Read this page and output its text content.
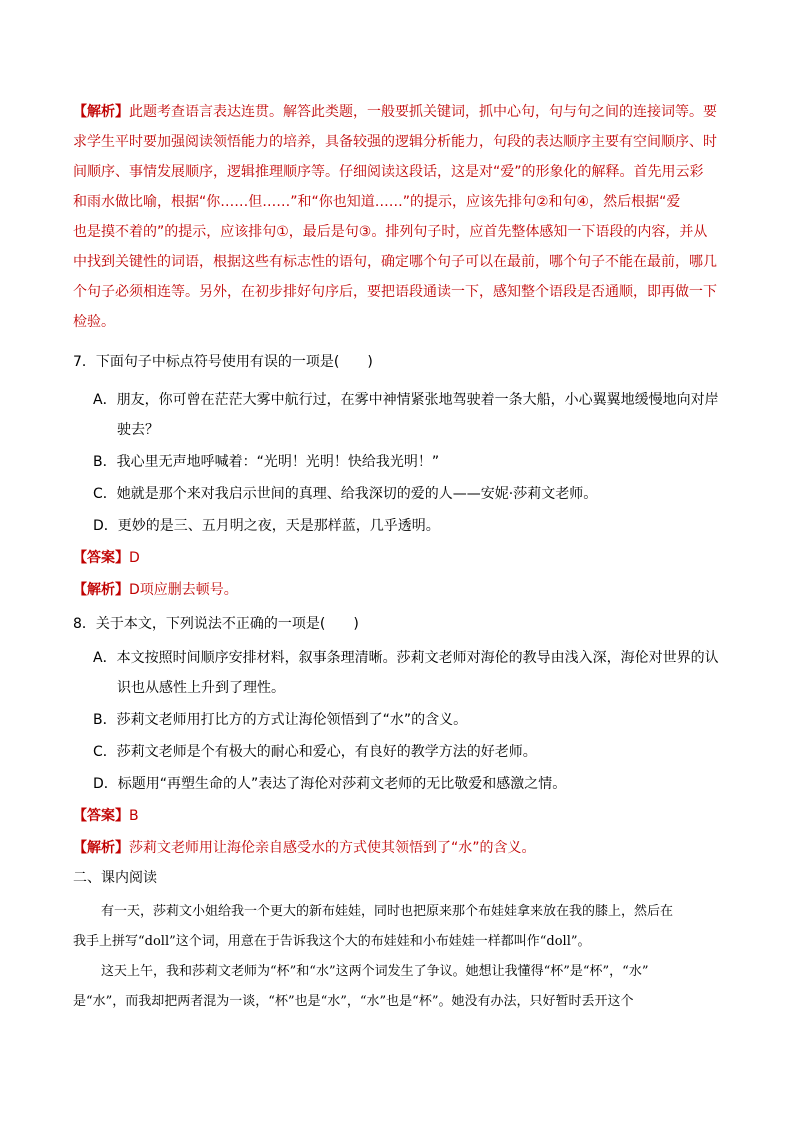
【解析】此题考查语言表达连贯。解答此类题，一般要抓关键词，抓中心句，句与句之间的连接词等。要
求学生平时要加强阅读领悟能力的培养，具备较强的逻辑分析能力，句段的表达顺序主要有空间顺序、时
间顺序、事情发展顺序，逻辑推理顺序等。仔细阅读这段话，这是对“爱”的形象化的解释。首先用云彩
和雨水做比喻，根据“你……但……”和“你也知道……”的提示，应该先排句②和句④，然后根据“爱
也是摸不着的”的提示，应该排句①，最后是句③。排列句子时，应首先整体感知一下语段的内容，并从
中找到关键性的词语，根据这些有标志性的语句，确定哪个句子可以在最前，哪个句子不能在最前，哪几
个句子必须相连等。另外，在初步排好句序后，要把语段通读一下，感知整个语段是否通顺，即再做一下
检验。
7．下面句子中标点符号使用有误的一项是(　　)
A．朋友，你可曾在茫茫大雾中航行过，在雾中神情紧张地驾驶着一条大船，小心翼翼地缓慢地向对岸
驶去？
B．我心里无声地呼喊着：“光明！光明！快给我光明！”
C．她就是那个来对我启示世间的真理、给我深切的爱的人——安妮·莎莉文老师。
D．更妙的是三、五月明之夜，天是那样蓝，几乎透明。
【答案】D
【解析】D项应删去顿号。
8．关于本文，下列说法不正确的一项是(　　)
A．本文按照时间顺序安排材料，叙事条理清晰。莎莉文老师对海伦的教导由浅入深，海伦对世界的认
识也从感性上升到了理性。
B．莎莉文老师用打比方的方式让海伦领悟到了“水”的含义。
C．莎莉文老师是个有极大的耐心和爱心，有良好的教学方法的好老师。
D．标题用“再塑生命的人”表达了海伦对莎莉文老师的无比敬爱和感激之情。
【答案】B
【解析】莎莉文老师用让海伦亲自感受水的方式使其领悟到了“水”的含义。
二、课内阅读
有一天，莎莉文小姐给我一个更大的新布娃娃，同时也把原来那个布娃娃拿来放在我的膝上，然后在
我手上拼写“doll”这个词，用意在于告诉我这个大的布娃娃和小布娃娃一样都叫作“doll”。
这天上午，我和莎莉文老师为“杯”和“水”这两个词发生了争议。她想让我懂得“杯”是“杯”，“水”
是“水”，而我却把两者混为一谈，“杯”也是“水”，“水”也是“杯”。她没有办法，只好暂时丢开这个
